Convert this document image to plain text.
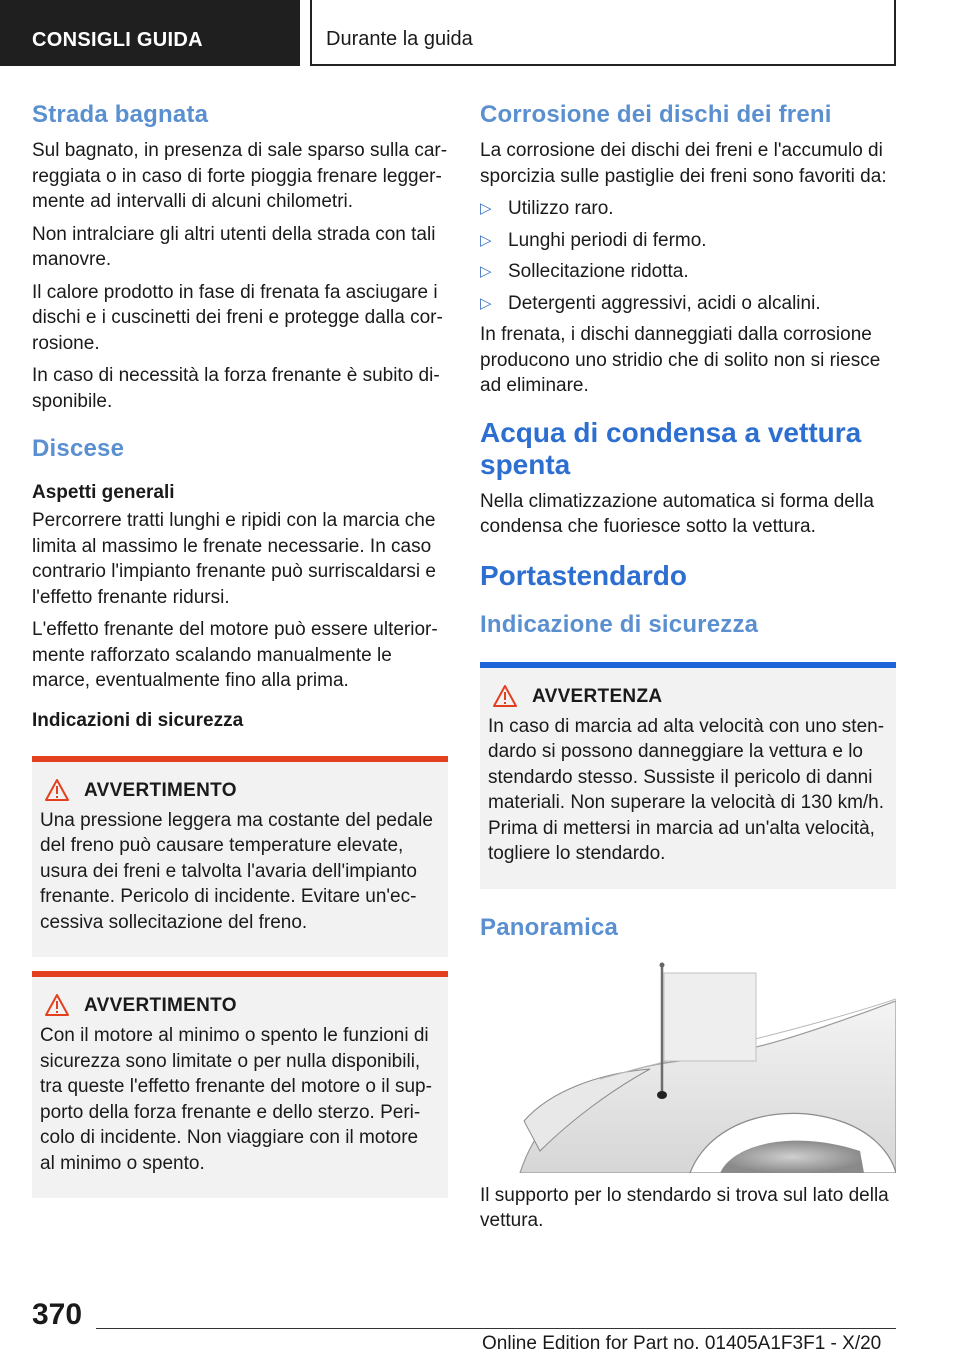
CONSIGLI GUIDA	Durante la guida
Strada bagnata

Sul bagnato, in presenza di sale sparso sulla car-reggiata o in caso di forte pioggia frenare legger-mente ad intervalli di alcuni chilometri.

Non intralciare gli altri utenti della strada con tali manovre.

Il calore prodotto in fase di frenata fa asciugare i dischi e i cuscinetti dei freni e protegge dalla cor-rosione.

In caso di necessità la forza frenante è subito di-sponibile.

Discese
Aspetti generali

Percorrere tratti lunghi e ripidi con la marcia che limita al massimo le frenate necessarie. In caso contrario l'impianto frenante può surriscaldarsi e l'effetto frenante ridursi.

L'effetto frenante del motore può essere ulterior-mente rafforzato scalando manualmente le marce, eventualmente fino alla prima.

Indicazioni di sicurezza
AVVERTIMENTO

Una pressione leggera ma costante del pedale del freno può causare temperature elevate, usura dei freni e talvolta l'avaria dell'impianto frenante. Pericolo di incidente. Evitare un'ec-cessiva sollecitazione del freno.

AVVERTIMENTO

Con il motore al minimo o spento le funzioni di sicurezza sono limitate o per nulla disponibili, tra queste l'effetto frenante del motore o il sup-porto della forza frenante e dello sterzo. Peri-colo di incidente. Non viaggiare con il motore al minimo o spento.

Corrosione dei dischi dei freni

La corrosione dei dischi dei freni e l'accumulo di sporcizia sulle pastiglie dei freni sono favoriti da:

▷ Utilizzo raro.
▷ Lunghi periodi di fermo.
▷ Sollecitazione ridotta.
▷ Detergenti aggressivi, acidi o alcalini.

In frenata, i dischi danneggiati dalla corrosione producono uno stridio che di solito non si riesce ad eliminare.

Acqua di condensa a vettura spenta

Nella climatizzazione automatica si forma della condensa che fuoriesce sotto la vettura.

Portastendardo
Indicazione di sicurezza
AVVERTENZA

In caso di marcia ad alta velocità con uno sten-dardo si possono danneggiare la vettura e lo stendardo stesso. Sussiste il pericolo di danni materiali. Non superare la velocità di 130 km/h. Prima di mettersi in marcia ad un'alta velocità, togliere lo stendardo.

Panoramica

Il supporto per lo stendardo si trova sul lato della vettura.

370
Online Edition for Part no. 01405A1F3F1 - X/20
